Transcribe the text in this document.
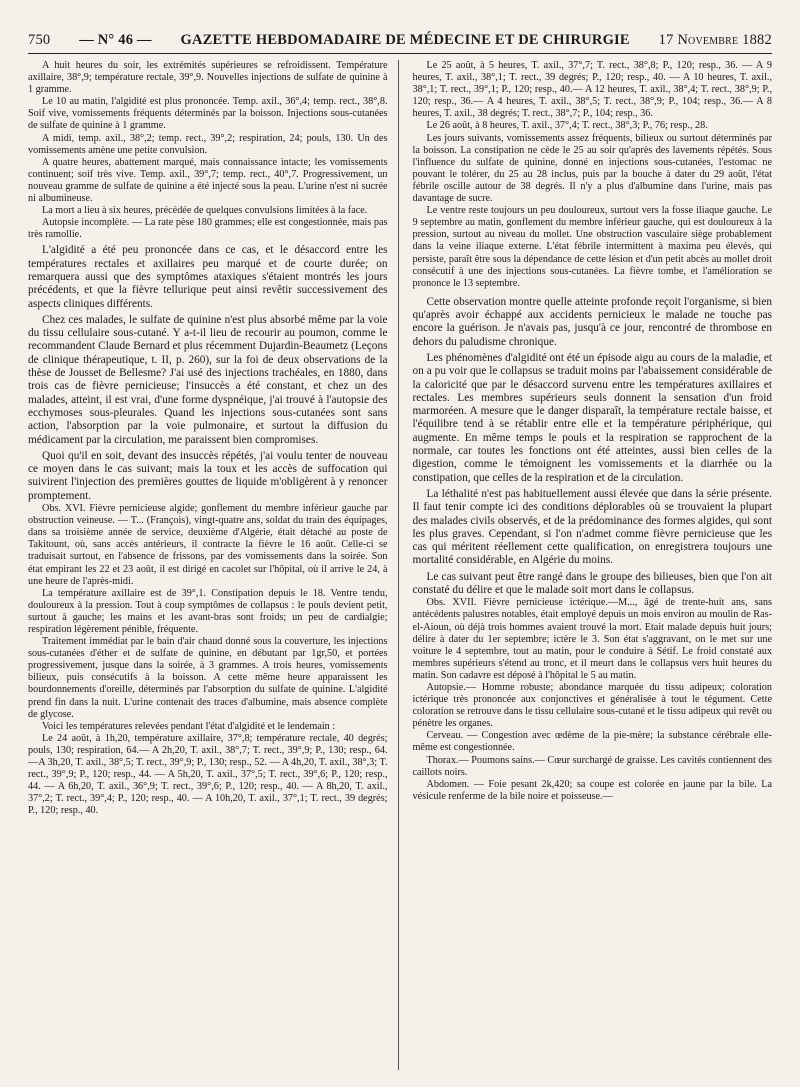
750 — N° 46 — GAZETTE HEBDOMADAIRE DE MÉDECINE ET DE CHIRURGIE 17 Novembre 1882

A huit heures du soir, les extrémités supérieures se refroidissent. Température axillaire, 38°,9; température rectale, 39°,9. Nouvelles injections de sulfate de quinine à 1 gramme.

Le 10 au matin, l'algidité est plus prononcée. Temp. axil., 36°,4; temp. rect., 38°,8. Soif vive, vomissements fréquents déterminés par la boisson. Injections sous-cutanées de sulfate de quinine à 1 gramme.

A midi, temp. axil., 38°,2; temp. rect., 39°,2; respiration, 24; pouls, 130. Un des vomissements amène une petite convulsion.

A quatre heures, abattement marqué, mais connaissance intacte; les vomissements continuent; soif très vive. Temp. axil., 39°,7; temp. rect., 40°,7. Progressivement, un nouveau gramme de sulfate de quinine a été injecté sous la peau. L'urine n'est ni sucrée ni albumineuse.

La mort a lieu à six heures, précédée de quelques convulsions limitées à la face.

Autopsie incomplète. — La rate pèse 180 grammes; elle est congestionnée, mais pas très ramollie.

L'algidité a été peu prononcée dans ce cas, et le désaccord entre les températures rectales et axillaires peu marqué et de courte durée; on remarquera aussi que des symptômes ataxiques s'étaient montrés les jours précédents, et que la fièvre tellurique peut ainsi revêtir successivement des aspects cliniques différents.

Chez ces malades, le sulfate de quinine n'est plus absorbé même par la voie du tissu cellulaire sous-cutané. Y a-t-il lieu de recourir au poumon, comme le recommandent Claude Bernard et plus récemment Dujardin-Beaumetz (Leçons de clinique thérapeutique, t. II, p. 260), sur la foi de deux observations de la thèse de Jousset de Bellesme? J'ai usé des injections trachéales, en 1880, dans trois cas de fièvre pernicieuse; l'insuccès a été constant, et chez un des malades, atteint, il est vrai, d'une forme dyspnéique, j'ai trouvé à l'autopsie des ecchymoses sous-pleurales. Quand les injections sous-cutanées sont sans action, l'absorption par la voie pulmonaire, et surtout la diffusion du médicament par la circulation, me paraissent bien compromises.

Quoi qu'il en soit, devant des insuccès répétés, j'ai voulu tenter de nouveau ce moyen dans le cas suivant; mais la toux et les accès de suffocation qui suivirent l'injection des premières gouttes de liquide m'obligèrent à y renoncer promptement.

Obs. XVI. Fièvre pernicieuse algide; gonflement du membre inférieur gauche par obstruction veineuse. — T... (François), vingt-quatre ans, soldat du train des équipages, dans sa troisième année de service, deuxième d'Algérie, était détaché au poste de Takitount, où, sans accès antérieurs, il contracte la fièvre le 16 août. Celle-ci se traduisait surtout, en l'absence de frissons, par des vomissements dans la soirée. Son état empirant les 22 et 23 août, il est dirigé en cacolet sur l'hôpital, où il arrive le 24, à une heure de l'après-midi.

La température axillaire est de 39°,1. Constipation depuis le 18. Ventre tendu, douloureux à la pression. Tout à coup symptômes de collapsus : le pouls devient petit, surtout à gauche; les mains et les avant-bras sont froids; un peu de cardialgie; respiration légèrement pénible, fréquente.

Traitement immédiat par le bain d'air chaud donné sous la couverture, les injections sous-cutanées d'éther et de sulfate de quinine, en débutant par 1gr,50, et portées progressivement, jusque dans la soirée, à 3 grammes. A trois heures, vomissements bilieux, puis consécutifs à la boisson. A cette même heure apparaissent les bourdonnements d'oreille, déterminés par l'absorption du sulfate de quinine. L'algidité prend fin dans la nuit. L'urine contenait des traces d'albumine, mais absence complète de glycose.

Voici les températures relevées pendant l'état d'algidité et le lendemain :

Le 24 août, à 1h,20, température axillaire, 37°,8; température rectale, 40 degrés; pouls, 130; respiration, 64.— A 2h,20, T. axil., 38°,7; T. rect., 39°,9; P., 130; resp., 64.—A 3h,20, T. axil., 38°,5; T. rect., 39°,9; P., 130; resp., 52. — A 4h,20, T. axil., 38°,3; T. rect., 39°,9; P., 120; resp., 44. — A 5h,20, T. axil., 37°,5; T. rect., 39°,6; P., 120; resp., 44. — A 6h,20, T. axil., 36°,9; T. rect., 39°,6; P., 120; resp., 40. — A 8h,20, T. axil., 37°,2; T. rect., 39°,4; P., 120; resp., 40. — A 10h,20, T. axil., 37°,1; T. rect., 39 degrés; P., 120; resp., 40.

Le 25 août, à 5 heures, T. axil., 37°,7; T. rect., 38°,8; P., 120; resp., 36. — A 9 heures, T. axil., 38°,1; T. rect., 39 degrés; P., 120; resp., 40. — A 10 heures, T. axil., 38°,1; T. rect., 39°,1; P., 120; resp., 40.— A 12 heures, T. axil., 38°,4; T. rect., 38°,9; P., 120; resp., 36.— A 4 heures, T. axil., 38°,5; T. rect., 38°,9; P., 104; resp., 36.— A 8 heures, T. axil., 38 degrés; T. rect., 38°,7; P., 104; resp., 36.

Le 26 août, à 8 heures, T. axil., 37°,4; T. rect., 38°,3; P., 76; resp., 28.

Les jours suivants, vomissements assez fréquents, bilieux ou surtout déterminés par la boisson. La constipation ne cède le 25 au soir qu'après des lavements répétés. Sous l'influence du sulfate de quinine, donné en injections sous-cutanées, l'estomac ne pouvant le tolérer, du 25 au 28 inclus, puis par la bouche à dater du 29 août, l'état fébrile oscille autour de 38 degrés. Il n'y a plus d'albumine dans l'urine, mais pas davantage de sucre.

Le ventre reste toujours un peu douloureux, surtout vers la fosse iliaque gauche. Le 9 septembre au matin, gonflement du membre inférieur gauche, qui est douloureux à la pression, surtout au niveau du mollet. Une obstruction vasculaire siège probablement dans la veine iliaque externe. L'état fébrile intermittent à maxima peu élevés, qui persiste, paraît être sous la dépendance de cette lésion et d'un petit abcès au mollet droit consécutif à une des injections sous-cutanées. La fièvre tombe, et l'amélioration se prononce le 13 septembre.

Cette observation montre quelle atteinte profonde reçoit l'organisme, si bien qu'après avoir échappé aux accidents pernicieux le malade ne touche pas encore la guérison. Je n'avais pas, jusqu'à ce jour, rencontré de thrombose en dehors du paludisme chronique.

Les phénomènes d'algidité ont été un épisode aigu au cours de la maladie, et on a pu voir que le collapsus se traduit moins par l'abaissement considérable de la caloricité que par le désaccord survenu entre les températures axillaires et rectales. Les membres supérieurs seuls donnent la sensation d'un froid marmoréen. A mesure que le danger disparaît, la température rectale baisse, et l'équilibre tend à se rétablir entre elle et la température périphérique, qui augmente. En même temps le pouls et la respiration se rapprochent de la normale, car toutes les fonctions ont été atteintes, aussi bien celles de la digestion, comme le témoignent les vomissements et la diarrhée ou la constipation, que celles de la respiration et de la circulation.

La léthalité n'est pas habituellement aussi élevée que dans la série présente. Il faut tenir compte ici des conditions déplorables où se trouvaient la plupart des malades civils observés, et de la prédominance des formes algides, qui sont les plus graves. Cependant, si l'on n'admet comme fièvre pernicieuse que les cas qui méritent réellement cette qualification, on enregistrera toujours une mortalité considérable, en Algérie du moins.

Le cas suivant peut être rangé dans le groupe des bilieuses, bien que l'on ait constaté du délire et que le malade soit mort dans le collapsus.

Obs. XVII. Fièvre pernicieuse ictérique.—M..., âgé de trente-huit ans, sans antécédents palustres notables, était employé depuis un mois environ au moulin de Ras-el-Aioun, où déjà trois hommes avaient trouvé la mort. Etait malade depuis huit jours; délire à dater du 1er septembre; ictère le 3. Son état s'aggravant, on le met sur une voiture le 4 septembre, tout au matin, pour le conduire à Sétif. Le froid constaté aux membres supérieurs s'étend au tronc, et il meurt dans le collapsus vers huit heures du matin. Son cadavre est déposé à l'hôpital le 5 au matin.

Autopsie.— Homme robuste; abondance marquée du tissu adipeux; coloration ictérique très prononcée aux conjonctives et généralisée à tout le tégument. Cette coloration se retrouve dans le tissu cellulaire sous-cutané et le tissu adipeux qui revêt ou pénètre les organes.

Cerveau. — Congestion avec œdème de la pie-mère; la substance cérébrale elle-même est congestionnée.

Thorax.— Poumons sains.— Cœur surchargé de graisse. Les cavités contiennent des caillots noirs.

Abdomen. — Foie pesant 2k,420; sa coupe est colorée en jaune par la bile. La vésicule renferme de la bile noire et poisseuse.—
